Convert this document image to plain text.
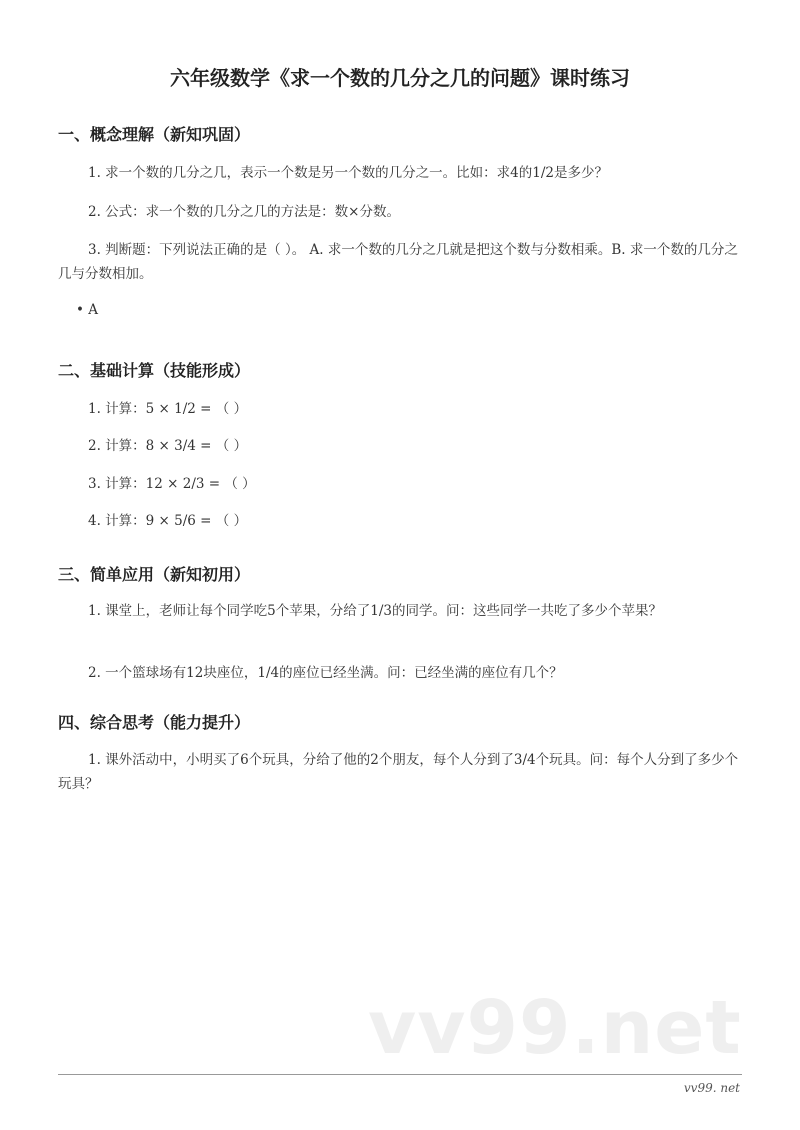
六年级数学《求一个数的几分之几的问题》课时练习
一、概念理解（新知巩固）
1. 求一个数的几分之几，表示一个数是另一个数的几分之一。比如：求4的1/2是多少？
2. 公式：求一个数的几分之几的方法是：数×分数。
3. 判断题：下列说法正确的是（ ）。 A. 求一个数的几分之几就是把这个数与分数相乘。B. 求一个数的几分之几与分数相加。
• A
二、基础计算（技能形成）
1. 计算：5 × 1/2 = （ ）
2. 计算：8 × 3/4 = （ ）
3. 计算：12 × 2/3 = （ ）
4. 计算：9 × 5/6 = （ ）
三、简单应用（新知初用）
1. 课堂上，老师让每个同学吃5个苹果，分给了1/3的同学。问：这些同学一共吃了多少个苹果？
2. 一个篮球场有12块座位，1/4的座位已经坐满。问：已经坐满的座位有几个？
四、综合思考（能力提升）
1. 课外活动中，小明买了6个玩具，分给了他的2个朋友，每个人分到了3/4个玩具。问：每个人分到了多少个玩具？
vv99.net
vv99. net
